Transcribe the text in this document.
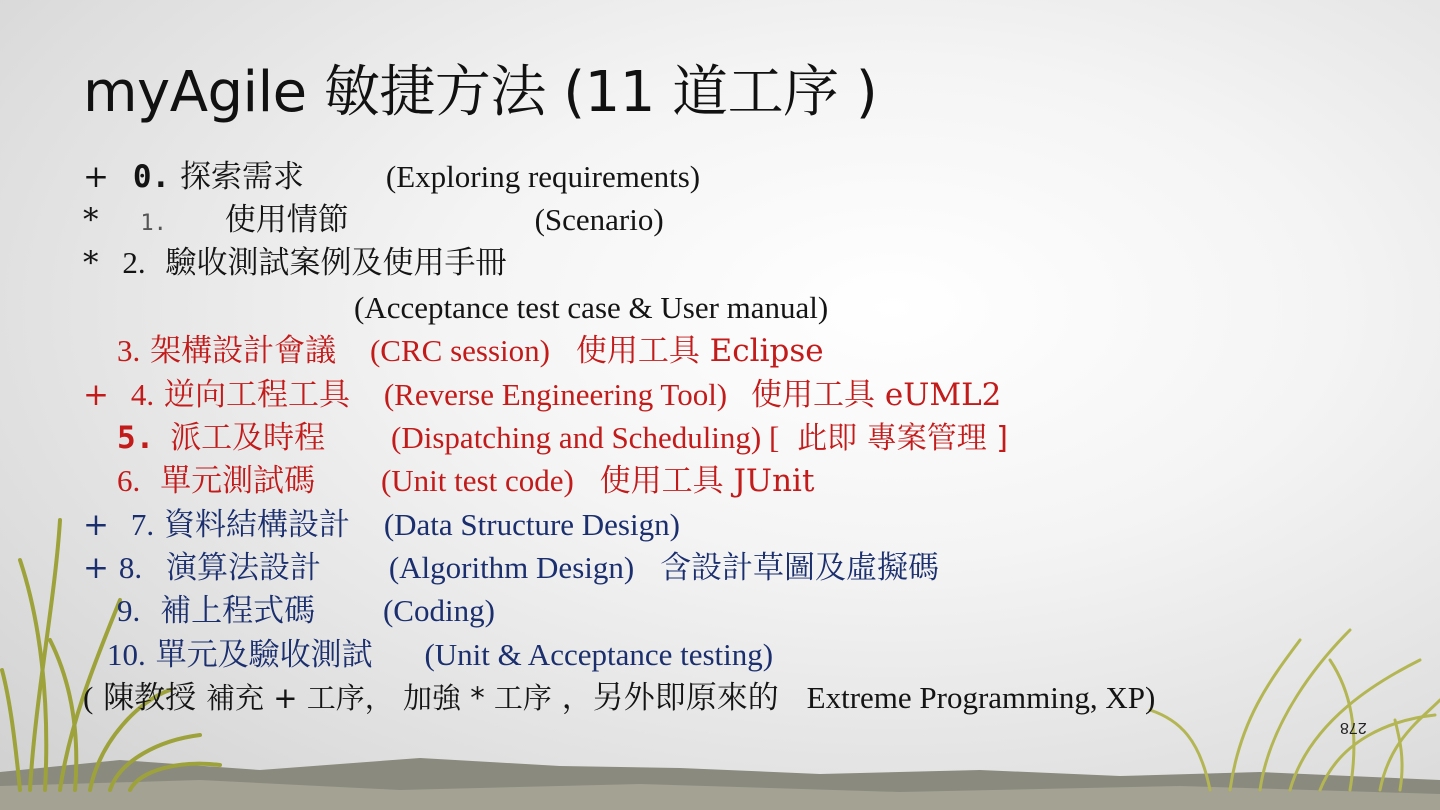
myAgile 敏捷方法 (11 道工序 )
+ 0. 探索需求	(Exploring requirements)
* 1. 使用情節	(Scenario)
* 2. 驗收測試案例及使用手冊
(Acceptance test case & User manual)
3. 架構設計會議 (CRC session) 使用工具 Eclipse
+ 4. 逆向工程工具 (Reverse Engineering Tool) 使用工具 eUML2
5. 派工及時程 (Dispatching and Scheduling) [ 此即 專案管理 ]
6. 單元測試碼 (Unit test code) 使用工具 JUnit
+ 7. 資料結構設計 (Data Structure Design)
+ 8. 演算法設計 (Algorithm Design) 含設計草圖及虛擬碼
9. 補上程式碼 (Coding)
10. 單元及驗收測試 (Unit & Acceptance testing)
( 陳教授 補充 + 工序， 加強 * 工序 ，另外即原來的 Extreme Programming, XP)
278
